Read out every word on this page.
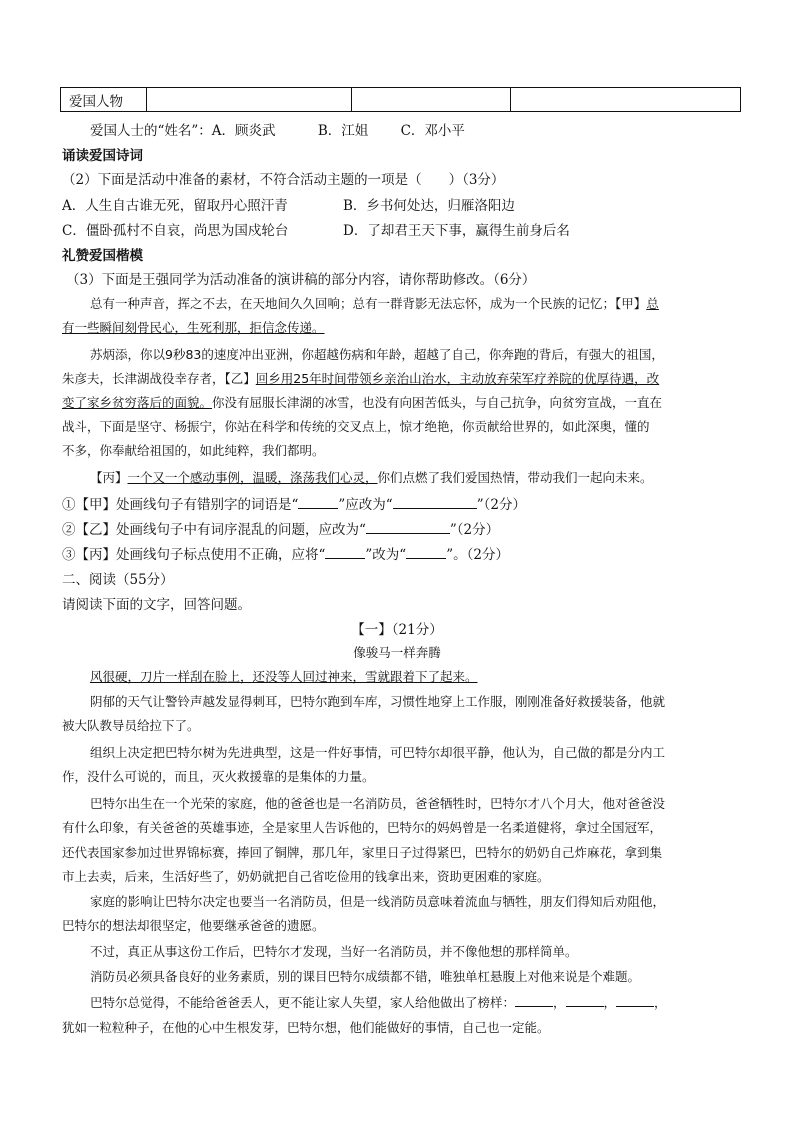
爱国人物			
爱国人士的“姓名”：A．顾炎武	B．江姐 C．邓小平
诵读爱国诗词
（2）下面是活动中准备的素材，不符合活动主题的一项是（　　）（3分）
A．人生自古谁无死，留取丹心照汗青	B．乡书何处达，归雁洛阳边
C．僵卧孤村不自哀，尚思为国戍轮台	D．了却君王天下事，赢得生前身后名
礼赞爱国楷模
（3）下面是王强同学为活动准备的演讲稿的部分内容，请你帮助修改。（6分）
总有一种声音，挥之不去，在天地间久久回响；总有一群背影无法忘怀，成为一个民族的记忆；【甲】总
有一些瞬间刻骨民心，生死利那，拒信念传递。
苏炳添，你以9秒83的速度冲出亚洲，你超越伤病和年龄，超越了自己，你奔跑的背后，有强大的祖国，
朱彦夫，长津湖战役幸存者，【乙】回乡用25年时间带领乡亲治山治水，主动放弃荣军疗养院的优厚待遇，改
变了家乡贫穷落后的面貌。你没有屈服长津湖的冰雪，也没有向困苦低头，与自己抗争，向贫穷宣战，一直在
战斗，下面是坚守、杨振宁，你站在科学和传统的交叉点上，惊才绝艳，你贡献给世界的，如此深奥，懂的
不多，你奉献给祖国的，如此纯粹，我们都明。
【丙】一个又一个感动事例，温暖，涤荡我们心灵，你们点燃了我们爱国热情，带动我们一起向未来。
①【甲】处画线句子有错别字的词语是“	”应改为“	”（2分）
②【乙】处画线句子中有词序混乱的问题，应改为“	”（2分）
③【丙】处画线句子标点使用不正确，应将“	”改为“	”。（2分）
二、阅读（55分）
请阅读下面的文字，回答问题。
【一】（21分）
像骏马一样奔腾
风很硬，刀片一样刮在脸上，还没等人回过神来，雪就跟着下了起来。
阴郁的天气让警铃声越发显得刺耳，巴特尔跑到车库，习惯性地穿上工作服，刚刚准备好救援装备，他就
被大队教导员给拉下了。
组织上决定把巴特尔树为先进典型，这是一件好事情，可巴特尔却很平静，他认为，自己做的都是分内工
作，没什么可说的，而且，灭火救援靠的是集体的力量。
巴特尔出生在一个光荣的家庭，他的爸爸也是一名消防员，爸爸牺牲时，巴特尔才八个月大，他对爸爸没
有什么印象，有关爸爸的英雄事迹，全是家里人告诉他的，巴特尔的妈妈曾是一名柔道健将，拿过全国冠军，
还代表国家参加过世界锦标赛，捧回了铜牌，那几年，家里日子过得紧巴，巴特尔的奶奶自己炸麻花，拿到集
市上去卖，后来，生活好些了，奶奶就把自己省吃俭用的钱拿出来，资助更困难的家庭。
家庭的影响让巴特尔决定也要当一名消防员，但是一线消防员意味着流血与牺牲，朋友们得知后劝阻他，
巴特尔的想法却很坚定，他要继承爸爸的遗愿。
不过，真正从事这份工作后，巴特尔才发现，当好一名消防员，并不像他想的那样简单。
消防员必须具备良好的业务素质，别的课目巴特尔成绩都不错，唯独单杠悬腹上对他来说是个难题。
巴特尔总觉得，不能给爸爸丢人，更不能让家人失望，家人给他做出了榜样：	，	，	，
犹如一粒粒种子，在他的心中生根发芽，巴特尔想，他们能做好的事情，自己也一定能。
